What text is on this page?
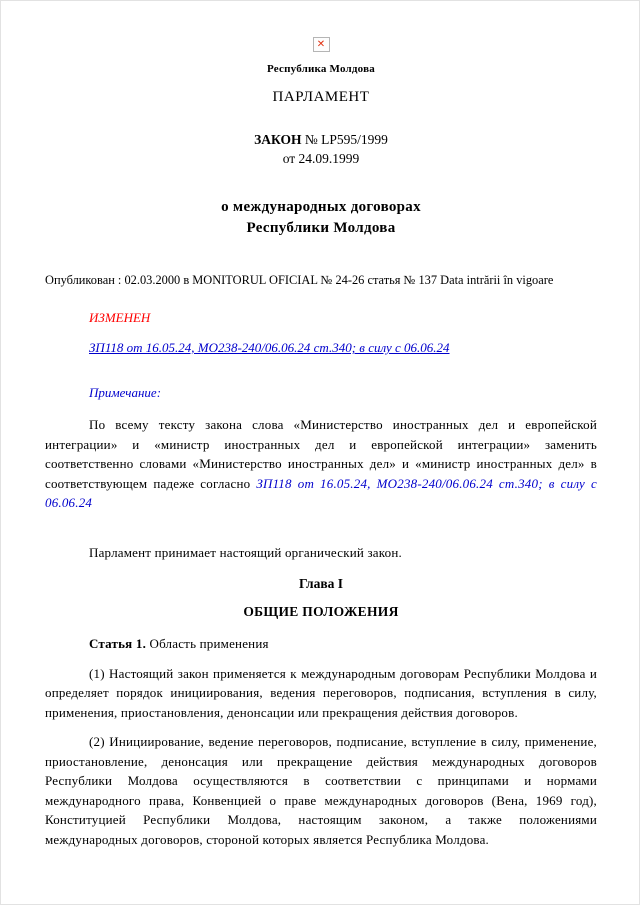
✕

Республика Молдова

ПАРЛАМЕНТ

ЗАКОН № LP595/1999

от 24.09.1999

о международных договорах

Республики Молдова

Опубликован : 02.03.2000 в MONITORUL OFICIAL № 24-26 статья № 137 Data intrării în vigoare

ИЗМЕНЕН

ЗП118 от 16.05.24, MO238-240/06.06.24 ст.340; в силу с 06.06.24

Примечание:

По всему тексту закона слова «Министерство иностранных дел и европейской интеграции» и «министр иностранных дел и европейской интеграции» заменить соответственно словами «Министерство иностранных дел» и «министр иностранных дел» в соответствующем падеже согласно ЗП118 от 16.05.24, MO238-240/06.06.24 ст.340; в силу с 06.06.24

Парламент принимает настоящий органический закон.

Глава I

ОБЩИЕ ПОЛОЖЕНИЯ

Статья 1. Область применения

(1) Настоящий закон применяется к международным договорам Республики Молдова и определяет порядок инициирования, ведения переговоров, подписания, вступления в силу, применения, приостановления, денонсации или прекращения действия договоров.

(2) Инициирование, ведение переговоров, подписание, вступление в силу, применение, приостановление, денонсация или прекращение действия международных договоров Республики Молдова осуществляются в соответствии с принципами и нормами международного права, Конвенцией о праве международных договоров (Вена, 1969 год), Конституцией Республики Молдова, настоящим законом, а также положениями международных договоров, стороной которых является Республика Молдова.
